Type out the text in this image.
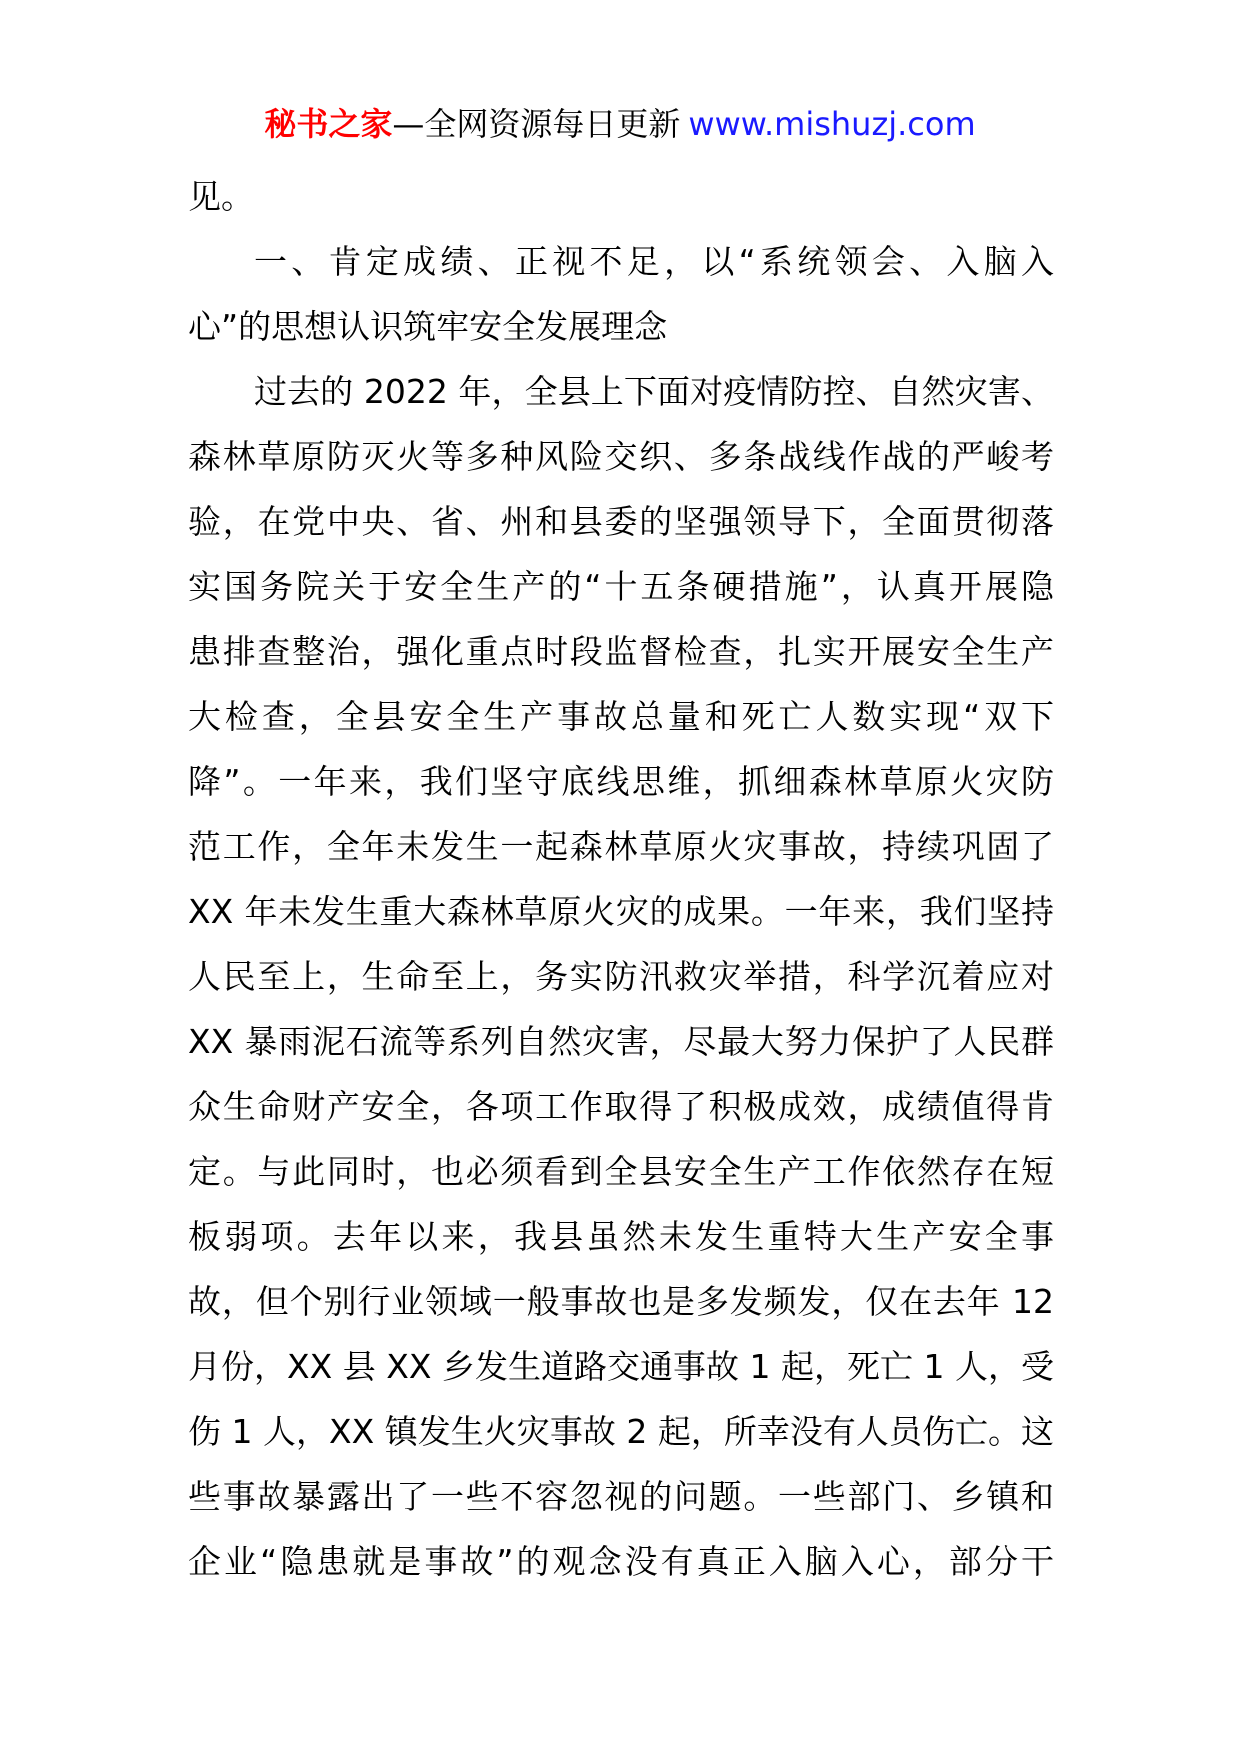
秘书之家—全网资源每日更新 www.mishuzj.com
见。
一、肯定成绩、正视不足，以“系统领会、入脑入
心”的思想认识筑牢安全发展理念
过去的 2022 年，全县上下面对疫情防控、自然灾害、
森林草原防灭火等多种风险交织、多条战线作战的严峻考
验，在党中央、省、州和县委的坚强领导下，全面贯彻落
实国务院关于安全生产的“十五条硬措施”，认真开展隐
患排查整治，强化重点时段监督检查，扎实开展安全生产
大检查，全县安全生产事故总量和死亡人数实现“双下
降”。一年来，我们坚守底线思维，抓细森林草原火灾防
范工作，全年未发生一起森林草原火灾事故，持续巩固了
XX 年未发生重大森林草原火灾的成果。一年来，我们坚持
人民至上，生命至上，务实防汛救灾举措，科学沉着应对
XX 暴雨泥石流等系列自然灾害，尽最大努力保护了人民群
众生命财产安全，各项工作取得了积极成效，成绩值得肯
定。与此同时，也必须看到全县安全生产工作依然存在短
板弱项。去年以来，我县虽然未发生重特大生产安全事
故，但个别行业领域一般事故也是多发频发，仅在去年 12
月份，XX 县 XX 乡发生道路交通事故 1 起，死亡 1 人，受
伤 1 人，XX 镇发生火灾事故 2 起，所幸没有人员伤亡。这
些事故暴露出了一些不容忽视的问题。一些部门、乡镇和
企业“隐患就是事故”的观念没有真正入脑入心，部分干
